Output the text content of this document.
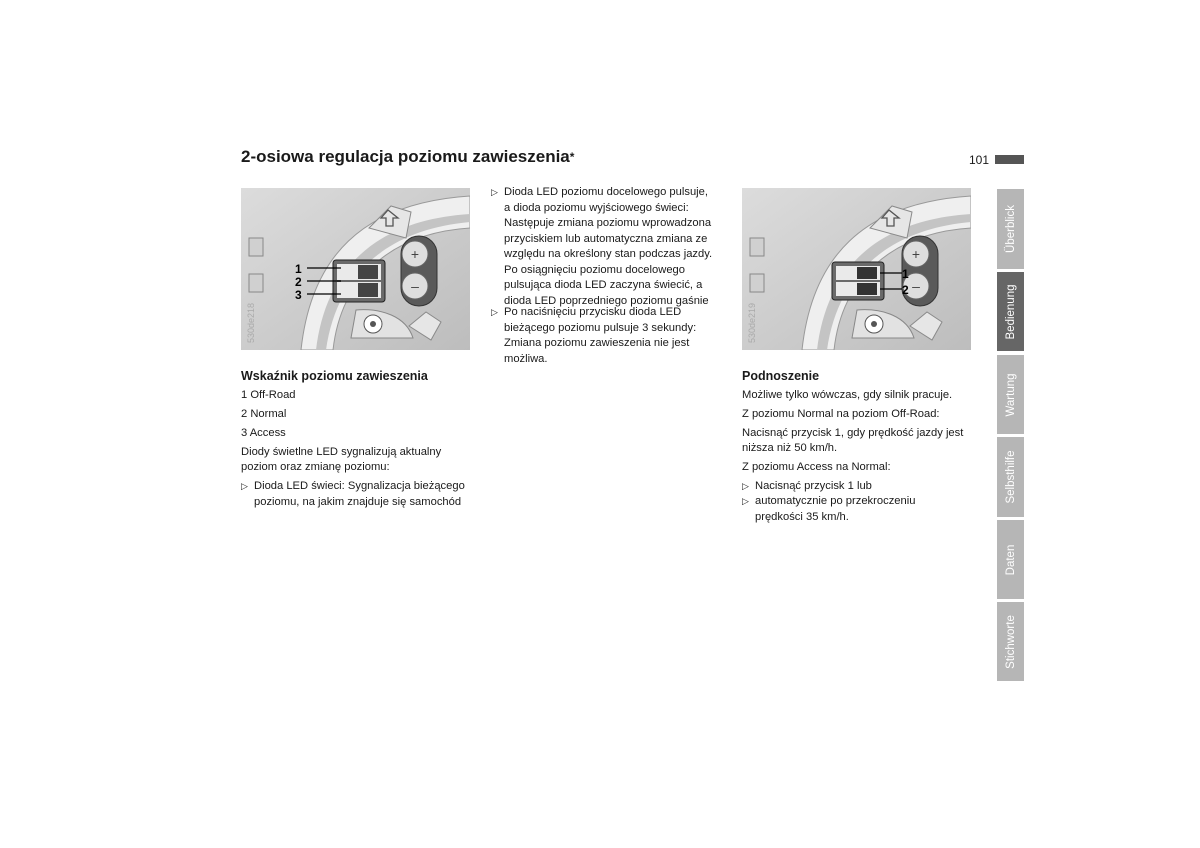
2-osiowa regulacja poziomu zawieszenia*	101
Überblick
Bedienung
Wartung
Selbsthilfe
Daten
Stichworte
+
–
1
2
3
530de218
+
–
1
2
530de219
Wskaźnik poziomu zawieszenia

1 Off-Road

2 Normal

3 Access

Diody świetlne LED sygnalizują aktualny

poziom oraz zmianę poziomu:

▷ Dioda LED świeci: Sygnalizacja bieżącego
poziomu, na jakim znajduje się samochód
▷ Dioda LED poziomu docelowego pulsuje,
a dioda poziomu wyjściowego świeci:
Następuje zmiana poziomu wprowadzona
przyciskiem lub automatyczna zmiana ze
względu na określony stan podczas jazdy.
Po osiągnięciu poziomu docelowego
pulsująca dioda LED zaczyna świecić, a
dioda LED poprzedniego poziomu gaśnie
▷ Po naciśnięciu przycisku dioda LED
bieżącego poziomu pulsuje 3 sekundy:
Zmiana poziomu zawieszenia nie jest
możliwa.
Podnoszenie

Możliwe tylko wówczas, gdy silnik pracuje.

Z poziomu Normal na poziom Off-Road:

Nacisnąć przycisk 1, gdy prędkość jazdy jest

niższa niż 50 km/h.

Z poziomu Access na Normal:

▷ Nacisnąć przycisk 1 lub
▷ automatycznie po przekroczeniu
prędkości 35 km/h.
